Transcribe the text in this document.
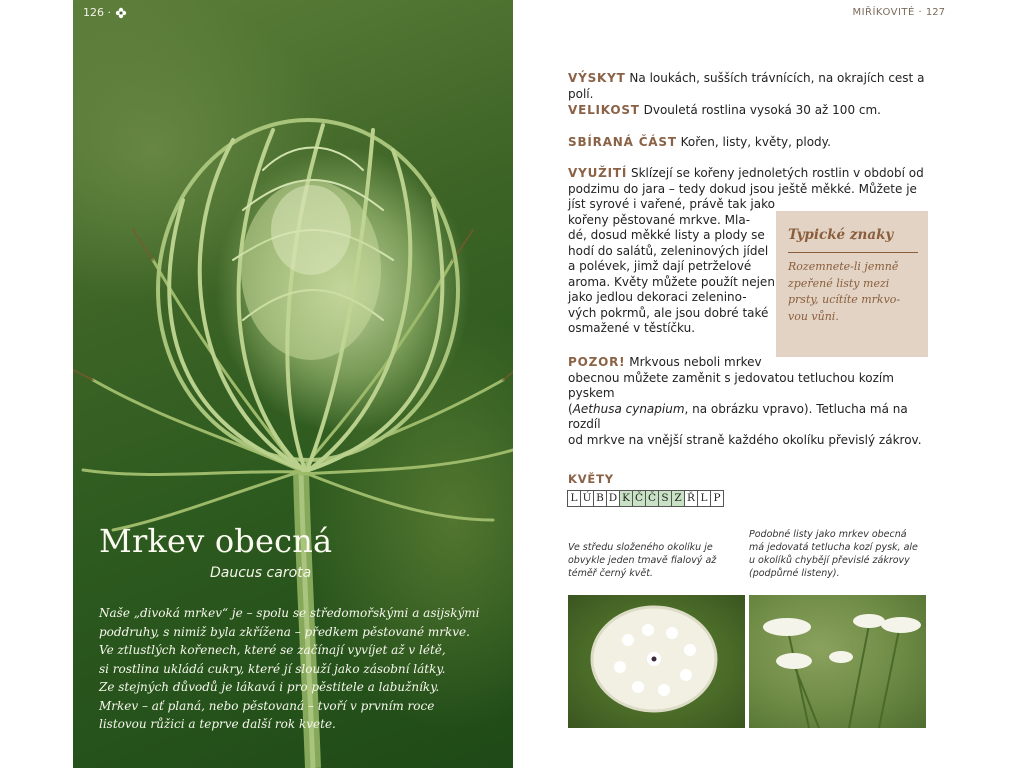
126 ·
Mrkev obecná
Daucus carota

Naše „divoká mrkev“ je – spolu se středomořskými a asijskými
poddruhy, s nimiž byla zkřížena – předkem pěstované mrkve.
Ve ztlustlých kořenech, které se začínají vyvíjet až v létě,
si rostlina ukládá cukry, které jí slouží jako zásobní látky.
Ze stejných důvodů je lákavá i pro pěstitele a labužníky.
Mrkev – ať planá, nebo pěstovaná – tvoří v prvním roce
listovou růžici a teprve další rok kvete.

MIŘÍKOVITÉ · 127

VÝSKYT Na loukách, sušších trávnících, na okrajích cest a polí.

VELIKOST Dvouletá rostlina vysoká 30 až 100 cm.

SBÍRANÁ ČÁST Kořen, listy, květy, plody.

VYUŽITÍ Sklízejí se kořeny jednoletých rostlin v období od
podzimu do jara – tedy dokud jsou ještě měkké. Můžete je
jíst syrové i vařené, právě tak jako
kořeny pěstované mrkve. Mla-
dé, dosud měkké listy a plody se
hodí do salátů, zeleninových jídel
a polévek, jimž dají petrželové
aroma. Květy můžete použít nejen
jako jedlou dekoraci zelenino-
vých pokrmů, ale jsou dobré také
osmažené v těstíčku.

Typické znaky

Rozemnete-li jemně
zpeřené listy mezi
prsty, ucítíte mrkvo-
vou vůni.

POZOR! Mrkvous neboli mrkev
obecnou můžete zaměnit s jedovatou tetluchou kozím pyskem
(Aethusa cynapium, na obrázku vpravo). Tetlucha má na rozdíl
od mrkve na vnější straně každého okolíku převislý zákrov.

KVĚTY
L Ú B D K Č Č S Z Ř L P

Ve středu složeného okolíku je
obvykle jeden tmavě fialový až
téměř černý květ.

Podobné listy jako mrkev obecná
má jedovatá tetlucha kozí pysk, ale
u okolíků chybějí převislé zákrovy
(podpůrné listeny).
